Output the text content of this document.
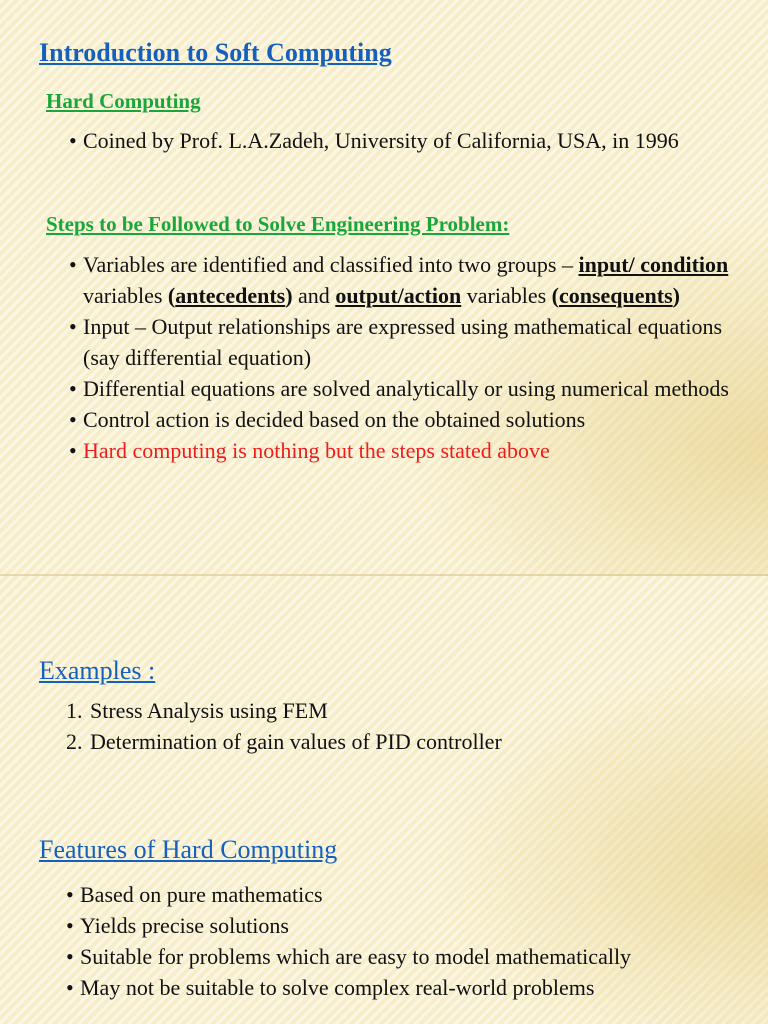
Introduction to Soft Computing
Hard Computing
• Coined by Prof. L.A.Zadeh, University of California, USA, in 1996
Steps to be Followed to Solve Engineering Problem:
• Variables are identified and classified into two groups – input/ condition variables (antecedents) and output/action variables (consequents)
• Input – Output relationships are expressed using mathematical equations (say differential equation)
• Differential equations are solved analytically or using numerical methods
• Control action is decided based on the obtained solutions
• Hard computing is nothing but the steps stated above
Examples :
1. Stress Analysis using FEM
2. Determination of gain values of PID controller
Features of Hard Computing
• Based on pure mathematics
• Yields precise solutions
• Suitable for problems which are easy to model mathematically
• May not be suitable to solve complex real-world problems
